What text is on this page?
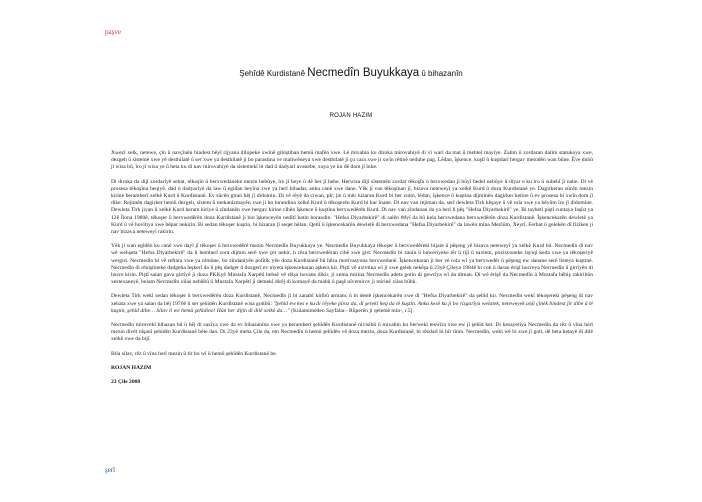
paşve
Şehîdê Kurdistanê Necmedîn Buyukkaya û bihazanîn
ROJAN HAZIM

Xwezî xelk, netewe, çîn û navçînên bindest bêyî rijyana dilopeke xwînê gihiştiban hemû mafên xwe. Lê mixabin ku diroka mirovahiyê di vî warî da mat û mehtel mayîye. Zalim û zordaran dalim statukoya xwe, dezgeh û sîstemê xwe yê desthilatê û ser xwe ya desthilatê ji bo parastina ve maliwêneya xwe desthilatê ji çu cara xwe ji xwîn rêtinê neduhe pag. Lêdan, îşkence, kuştî û kuştdarî hergav metodên wan bûne. Êve duhû jî wisa bû, îro jî wisa ye û heta ku di nav mirovahiyê da sîstemekî bi dad û dadyarî avanebe, xuya ye ku dê dom jî bike.

Di diroka da dijî zordariyê sebat, têkoşîn û berxwedaneke mezin hebûye, îro jî heye û dê her jî hebe. Herwisa dijî sîstemên zordar têkoşîn û berxwedan jî bûyî bedel nebûye û diyar e ku îro û subehî jî nabe. Di vê prosesa têkoşîna heqiyê, dad û dadyariyê da law û egîdan heyîna xwe ya herî bihadar, anku canê xwe dane. Yêk jî van têkoşînan jî, bizava neteweyî ya xelkê Kurd û doza Kurdistanê ye. Dagirkeran sûcên mezin kirine beramberî xelkê Kurd û Kurdistanê. Ev sûcên giran hêj jî didomin. Di vê rêyê da ciwan, pîr, jin û mêr hizaran Kurd bi ber zulm, lêdan, îşkence û kuştina dijminên dagirker ketine û ev prosesa bi xwîn dom jî dike. Rejimên dagirker hemû dezgeh, sîstem û mekanîzmayên xwe ji bo bırandina xelkê Kurd û têkoşerên Kurd bi kar înane. Di nav van rejiman da, serî dewleta Tirk kêşaye û vê rola xwe ya bêyûm îro jî didomîne. Dewleta Tirk jiyan li xelkê Kurd heram kiriye û zîndanên xwe hergav kirine cîhên îşkence û kuştina berxwedêrên Kurd. Di nav van zîndanan da ya herî li pêş "Hefsa Diyarbekirê" ye. Bi tayhetî piştî cuntaya faşîst ya 12ê Îlona 1980ê, têkoşer û berxwedêrên doza Kurdistanê ji bin îşkenceyên nedîtî hatin borandin. "Hefsa Diyarbekirê" di salên 80yî da bû kela berxwedana berxwedêrên doza Kurdistanê. Îşkencekarên dewletê ya Kurd û vê hovîtiya xwe bêpar nekirin. Bi sedan têkoşer kuştin, bi hizaran jî seqet hêlan. Qetil û îşkencekarên dewletê di berxwedana "Hefsa Diyarbekirê" da lawên mîna Mezlûm, Xeyrî, Ferhat û gelekên dî fizîken ji nav bizava neteweyî rakirin.

Yêk ji wan egîdên ku canê xwe dayî jî têkoşer û berxwedêrê mezin Necmedîn Buyukkaya ye. Necmedîn Buyukkaya têkoşer û berxwedêreki bijare û pêşeng yê bizava neteweyî ya xelkê Kurd bû. Necmedîn di nav wê wehşeta "Hefsa Diyarbekirê" da li hemberî zora dijmin serê xwe çer nekir, lı rêza berxwedêran cihê xwe girt. Necmedîn bi zanîn û baweriyeke têr û tijî û saxlem, pozisyoneke layiqî keda xwe ya têkoşeriyê wergirt. Necmedîn bi vê reftara xwe ya nimûne, bo zîndaniyên polîtîk yên doza Kurdistanê bû hêza motîvasyona berxwedanê. Îşkencekaran ji ber vê rola wî ya berxwedêr û pêşeng ew danane serê lîsteya kuştinê. Necmedîn di rêniştineke dadgeha leşkerî da li pêş dadger û dozgerî ev nîyeta îşkencekaran aşkera kir. Piştî vê axivtina wî ji xwe gelek nekêşa û 23yê Çileya 1984ê bi cob û daran êrişî hucreya Necmedîn û girtîyên di hucre kirin. Piştî salan gava girtîyê ji doza PKKyê Mustafa Xarpêtî behsê vê rêişa hovane dikir, ji xema mirina Necmedîn adeta gotin di gewrîya wî da diman. Di wê êrişê da Necmedîn û Mustafa bêhiş rakiribûn xestexaneyê, belam Necmedîn xilas nebûbû û Mustafa Xarpêtî ji demekî dirêj di komayê da mabû û paşê nîvemirov ji mirinê xilas bûbû.

Dewleta Tirk wekî sedan têkoşer û berxwedêrên doza Kurdistanê, Necmedîn jî bi zanabî kiribû armanc û bi destê îşkencekarên xwe di "Hefsa Diyarbekirê" da şehîd kir. Necmedîn wekî têkoşereki pêşeng di nav xebata xwe ya salan da bêj 1976ê li ser şehîdên Kurdistanê wisa gotibû: "Şehîd ew kes e ku di rêyeke pîroz da, di şerekî heq da tê kuştin. Anku kesê ku ji bo rizgarîya welatek, neteweyek anjî çînêk bindest jîr dibe û tê kuştin, şehîd dibe… Silav li we hemû şehîdino! Hûn her dijîn di dilê xelkê da…" (Kulamimeden Sayfalar.- Rûperên ji qelemê min-, r.5].

Necmedîn mirovekî bihazan bû û hêj di saxîya xwe da ev bihazanîna xwe ya beramberî şehîdên Kurdistanê nivisîbû û mixabin ku herwekî teswîra xwe ew jî şehîd ket. Di kesayetîya Necmedîn da rêz û vîna herî mezin divêt nîşanî şehîdên Kurdistanê bête dan. Di 23yê meha Çile da, em Necmedîn û hemû şehîdên vê doza mezin, doza Kurdistanê, bi rêzdarî bi bîr tînin. Necmedîn, wekî wê bi xwe jî gotî, dê heta hetayê di dilê xelkê xwe da bijî.

Bila silav, rêz û vîna herî mezin û tîr bo wî û hemû şehîdên Kurdistanê be.

ROJAN HAZIM

23 Çile 2008

şerî
